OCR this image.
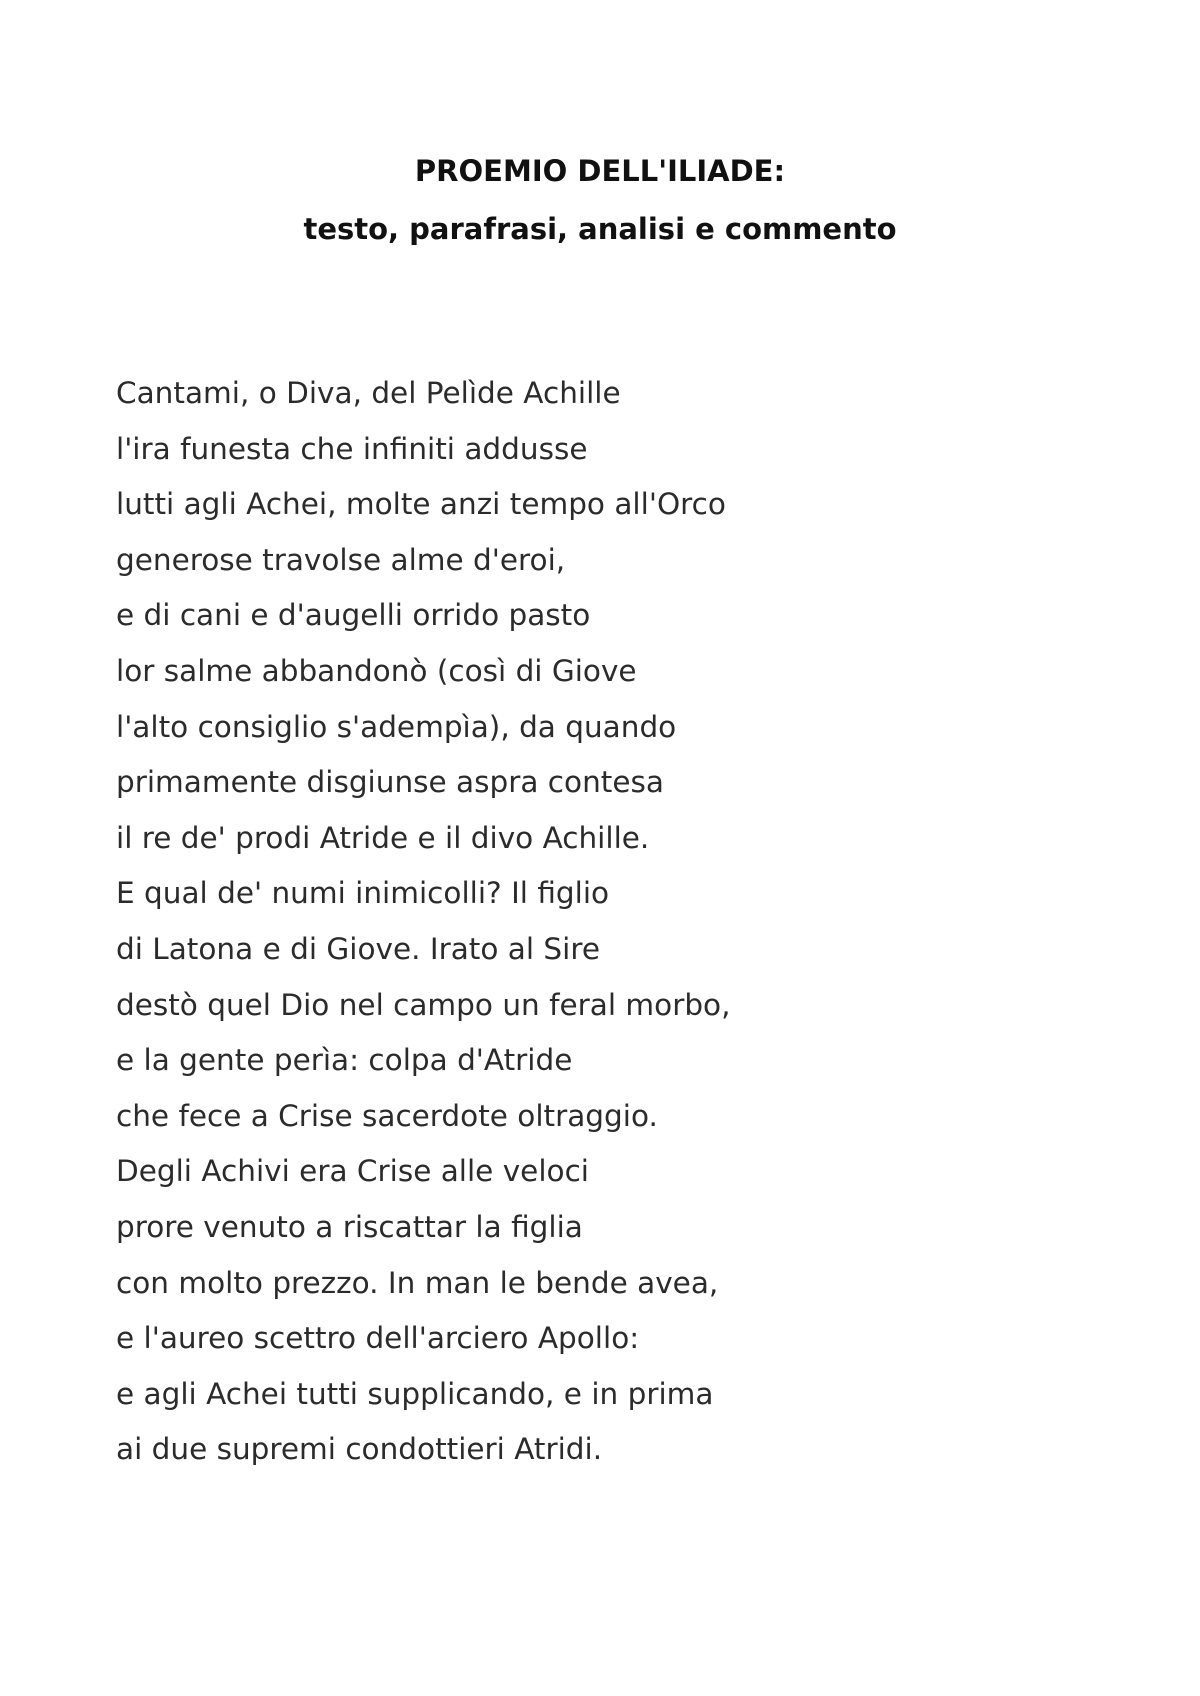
PROEMIO DELL'ILIADE:
testo, parafrasi, analisi e commento
Cantami, o Diva, del Pelìde Achille
l'ira funesta che infiniti addusse
lutti agli Achei, molte anzi tempo all'Orco
generose travolse alme d'eroi,
e di cani e d'augelli orrido pasto
lor salme abbandonò (così di Giove
l'alto consiglio s'adempìa), da quando
primamente disgiunse aspra contesa
il re de' prodi Atride e il divo Achille.
E qual de' numi inimicolli? Il figlio
di Latona e di Giove. Irato al Sire
destò quel Dio nel campo un feral morbo,
e la gente perìa: colpa d'Atride
che fece a Crise sacerdote oltraggio.
Degli Achivi era Crise alle veloci
prore venuto a riscattar la figlia
con molto prezzo. In man le bende avea,
e l'aureo scettro dell'arciero Apollo:
e agli Achei tutti supplicando, e in prima
ai due supremi condottieri Atridi.
